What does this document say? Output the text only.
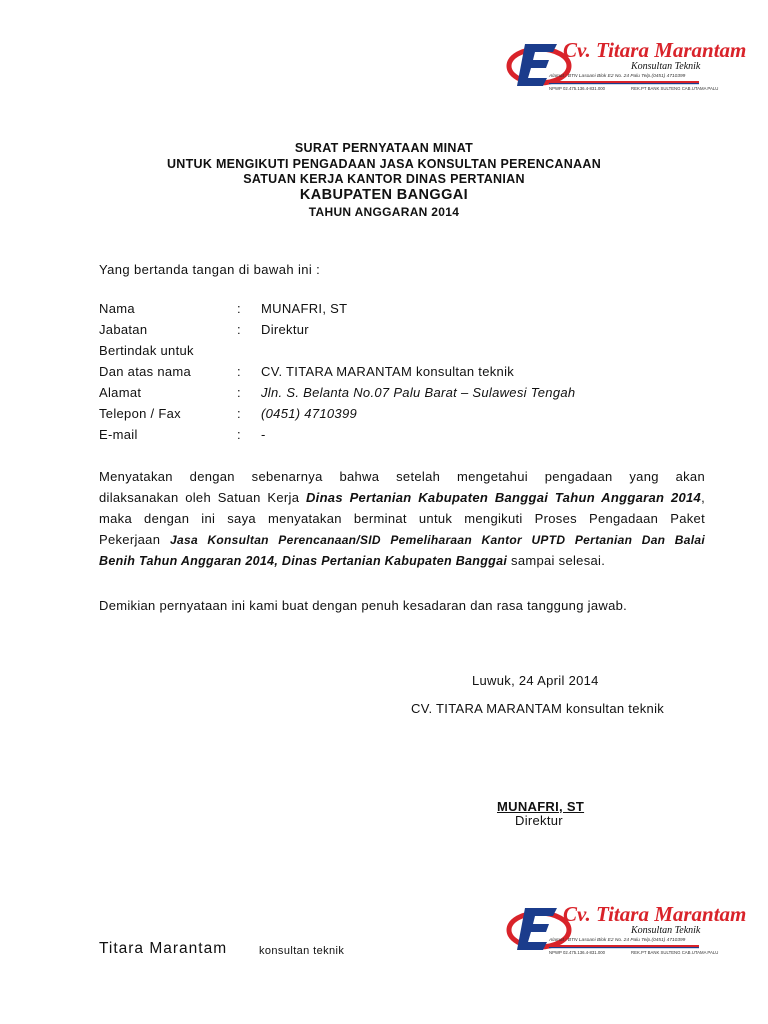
Cv. Titara Marantam
Konsultan Teknik
Alamat : BTN Lasoani Blok E2 No. 24 Palu Telp.(0451) 4710399
NPWP 02.475.136.4-831.000	REK.PT BANK SULTENG CAB.UTAMA PALU
SURAT PERNYATAAN MINAT
UNTUK MENGIKUTI PENGADAAN JASA KONSULTAN PERENCANAAN
SATUAN KERJA KANTOR DINAS PERTANIAN
KABUPATEN BANGGAI
TAHUN ANGGARAN 2014
Yang bertanda tangan di bawah ini :
Nama	: MUNAFRI, ST
Jabatan	: Direktur
Bertindak untuk
Dan atas nama	: CV. TITARA MARANTAM konsultan teknik
Alamat	: Jln. S. Belanta No.07 Palu Barat – Sulawesi Tengah
Telepon / Fax	: (0451) 4710399
E-mail	: -
Menyatakan dengan sebenarnya bahwa setelah mengetahui pengadaan yang akan
dilaksanakan oleh Satuan Kerja Dinas Pertanian Kabupaten Banggai Tahun Anggaran 2014,
maka dengan ini saya menyatakan berminat untuk mengikuti Proses Pengadaan Paket
Pekerjaan Jasa Konsultan Perencanaan/SID Pemeliharaan Kantor UPTD Pertanian Dan Balai
Benih Tahun Anggaran 2014, Dinas Pertanian Kabupaten Banggai sampai selesai.
Demikian pernyataan ini kami buat dengan penuh kesadaran dan rasa tanggung jawab.
Luwuk, 24 April 2014
CV. TITARA MARANTAM konsultan teknik
MUNAFRI, ST
Direktur
Cv. Titara Marantam
Konsultan Teknik
Alamat : BTN Lasoani Blok E2 No. 24 Palu Telp.(0451) 4710399
NPWP 02.475.136.4-831.000	REK.PT BANK SULTENG CAB.UTAMA PALU
Titara Marantam	konsultan teknik
